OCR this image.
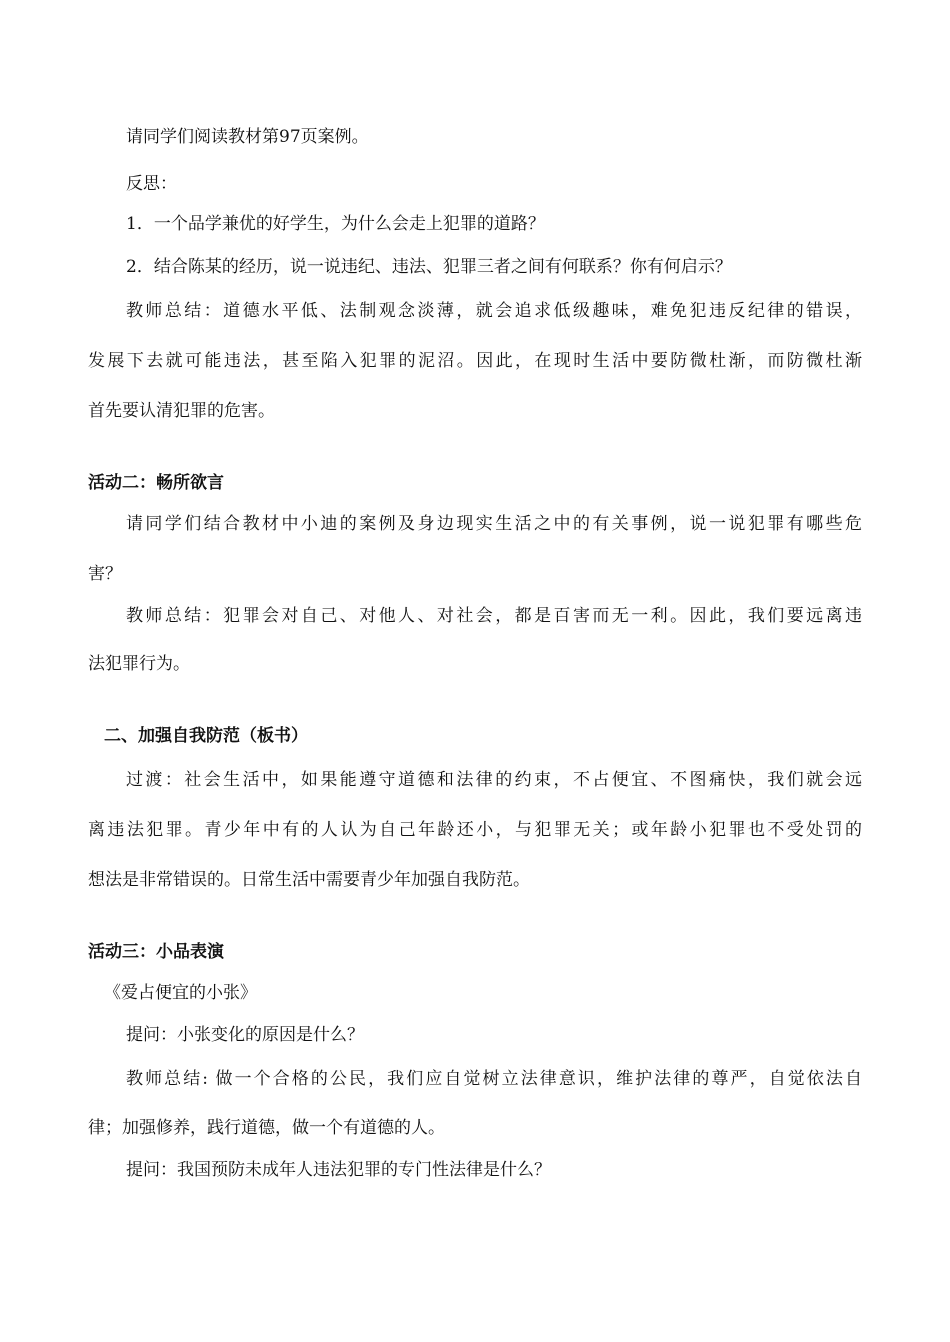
请同学们阅读教材第97页案例。
反思：
1．一个品学兼优的好学生，为什么会走上犯罪的道路？
2．结合陈某的经历，说一说违纪、违法、犯罪三者之间有何联系？你有何启示？
教师总结：道德水平低、法制观念淡薄，就会追求低级趣味，难免犯违反纪律的错误，
发展下去就可能违法，甚至陷入犯罪的泥沼。因此，在现时生活中要防微杜渐，而防微杜渐
首先要认清犯罪的危害。
活动二：畅所欲言
请同学们结合教材中小迪的案例及身边现实生活之中的有关事例，说一说犯罪有哪些危
害？
教师总结：犯罪会对自己、对他人、对社会，都是百害而无一利。因此，我们要远离违
法犯罪行为。
二、加强自我防范（板书）
过渡：社会生活中，如果能遵守道德和法律的约束，不占便宜、不图痛快，我们就会远
离违法犯罪。青少年中有的人认为自己年龄还小，与犯罪无关；或年龄小犯罪也不受处罚的
想法是非常错误的。日常生活中需要青少年加强自我防范。
活动三：小品表演
《爱占便宜的小张》
提问：小张变化的原因是什么？
教师总结: 做一个合格的公民，我们应自觉树立法律意识，维护法律的尊严，自觉依法自
律；加强修养，践行道德，做一个有道德的人。
提问：我国预防未成年人违法犯罪的专门性法律是什么？
